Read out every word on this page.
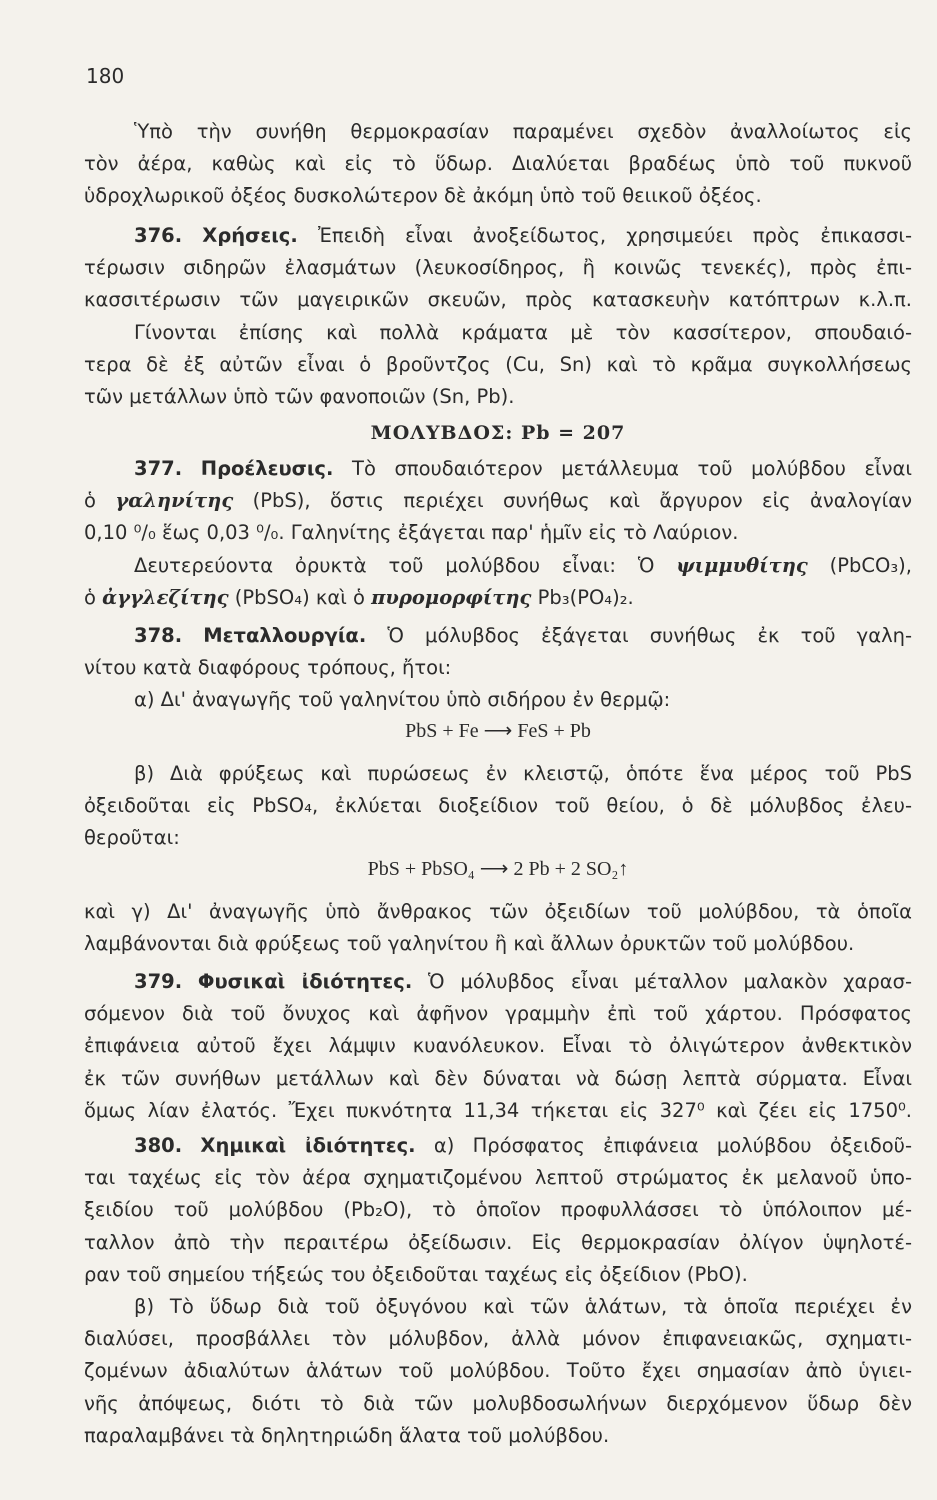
180
Ὑπὸ τὴν συνήθη θερμοκρασίαν παραμένει σχεδὸν ἀναλλοίωτος εἰς
τὸν ἀέρα, καθὼς καὶ εἰς τὸ ὕδωρ. Διαλύεται βραδέως ὑπὸ τοῦ πυκνοῦ
ὑδροχλωρικοῦ ὀξέος δυσκολώτερον δὲ ἀκόμη ὑπὸ τοῦ θειικοῦ ὀξέος.
376. Χρήσεις. Ἐπειδὴ εἶναι ἀνοξείδωτος, χρησιμεύει πρὸς ἐπικασσι-
τέρωσιν σιδηρῶν ἐλασμάτων (λευκοσίδηρος, ἢ κοινῶς τενεκές), πρὸς ἐπι-
κασσιτέρωσιν τῶν μαγειρικῶν σκευῶν, πρὸς κατασκευὴν κατόπτρων κ.λ.π.
Γίνονται ἐπίσης καὶ πολλὰ κράματα μὲ τὸν κασσίτερον, σπουδαιό-
τερα δὲ ἐξ αὐτῶν εἶναι ὁ βροῦντζος (Cu, Sn) καὶ τὸ κρᾶμα συγκολλήσεως
τῶν μετάλλων ὑπὸ τῶν φανοποιῶν (Sn, Pb).
ΜΟΛΥΒΔΟΣ: Pb = 207
377. Προέλευσις. Τὸ σπουδαιότερον μετάλλευμα τοῦ μολύβδου εἶναι
ὁ γαληνίτης (PbS), ὅστις περιέχει συνήθως καὶ ἄργυρον εἰς ἀναλογίαν
0,10 ⁰/₀ ἕως 0,03 ⁰/₀. Γαληνίτης ἐξάγεται παρ' ἡμῖν εἰς τὸ Λαύριον.
Δευτερεύοντα ὀρυκτὰ τοῦ μολύβδου εἶναι: Ὁ ψιμμυθίτης (PbCO₃),
ὁ ἀγγλεζίτης (PbSO₄) καὶ ὁ πυρομορφίτης Pb₃(PO₄)₂.
378. Μεταλλουργία. Ὁ μόλυβδος ἐξάγεται συνήθως ἐκ τοῦ γαλη-
νίτου κατὰ διαφόρους τρόπους, ἤτοι:
α) Δι' ἀναγωγῆς τοῦ γαληνίτου ὑπὸ σιδήρου ἐν θερμῷ:
PbS + Fe ⟶ FeS + Pb
β) Διὰ φρύξεως καὶ πυρώσεως ἐν κλειστῷ, ὁπότε ἕνα μέρος τοῦ PbS
ὀξειδοῦται εἰς PbSO₄, ἐκλύεται διοξείδιον τοῦ θείου, ὁ δὲ μόλυβδος ἐλευ-
θεροῦται:
PbS + PbSO₄ ⟶ 2 Pb + 2 SO₂↑
καὶ γ) Δι' ἀναγωγῆς ὑπὸ ἄνθρακος τῶν ὀξειδίων τοῦ μολύβδου, τὰ ὁποῖα
λαμβάνονται διὰ φρύξεως τοῦ γαληνίτου ἢ καὶ ἄλλων ὀρυκτῶν τοῦ μολύβδου.
379. Φυσικαὶ ἰδιότητες. Ὁ μόλυβδος εἶναι μέταλλον μαλακὸν χαρασ-
σόμενον διὰ τοῦ ὄνυχος καὶ ἀφῆνον γραμμὴν ἐπὶ τοῦ χάρτου. Πρόσφατος
ἐπιφάνεια αὐτοῦ ἔχει λάμψιν κυανόλευκον. Εἶναι τὸ ὀλιγώτερον ἀνθεκτικὸν
ἐκ τῶν συνήθων μετάλλων καὶ δὲν δύναται νὰ δώσῃ λεπτὰ σύρματα. Εἶναι
ὅμως λίαν ἐλατός. Ἔχει πυκνότητα 11,34 τήκεται εἰς 327⁰ καὶ ζέει εἰς 1750⁰.
380. Χημικαὶ ἰδιότητες. α) Πρόσφατος ἐπιφάνεια μολύβδου ὀξειδοῦ-
ται ταχέως εἰς τὸν ἀέρα σχηματιζομένου λεπτοῦ στρώματος ἐκ μελανοῦ ὑπο-
ξειδίου τοῦ μολύβδου (Pb₂O), τὸ ὁποῖον προφυλλάσσει τὸ ὑπόλοιπον μέ-
ταλλον ἀπὸ τὴν περαιτέρω ὀξείδωσιν. Εἰς θερμοκρασίαν ὀλίγον ὑψηλοτέ-
ραν τοῦ σημείου τήξεώς του ὀξειδοῦται ταχέως εἰς ὀξείδιον (PbO).
β) Τὸ ὕδωρ διὰ τοῦ ὀξυγόνου καὶ τῶν ἁλάτων, τὰ ὁποῖα περιέχει ἐν
διαλύσει, προσβάλλει τὸν μόλυβδον, ἀλλὰ μόνον ἐπιφανειακῶς, σχηματι-
ζομένων ἀδιαλύτων ἁλάτων τοῦ μολύβδου. Τοῦτο ἔχει σημασίαν ἀπὸ ὑγιει-
νῆς ἀπόψεως, διότι τὸ διὰ τῶν μολυβδοσωλήνων διερχόμενον ὕδωρ δὲν
παραλαμβάνει τὰ δηλητηριώδη ἅλατα τοῦ μολύβδου.
